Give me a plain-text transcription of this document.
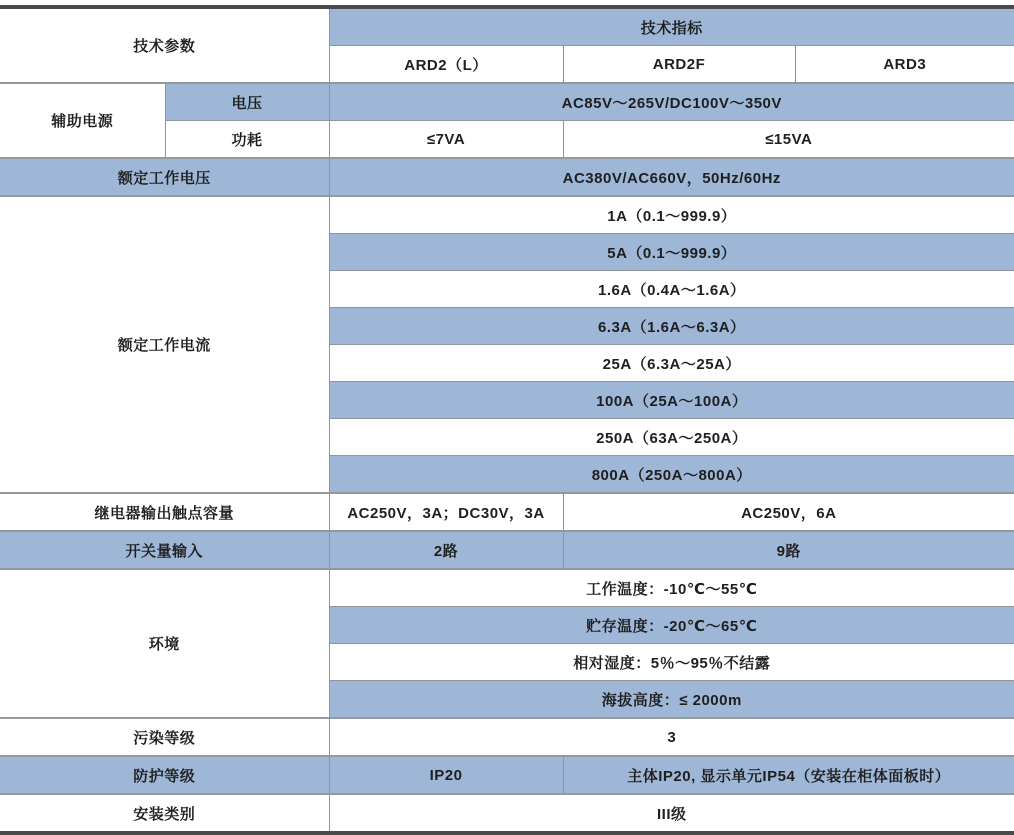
技术参数		技术指标		
		ARD2（L）	ARD2F	ARD3
辅助电源	电压	AC85V～265V/DC100V～350V		
	功耗	≤7VA	≤15VA	
额定工作电压		AC380V/AC660V，50Hz/60Hz		
额定工作电流		1A（0.1～999.9）		
		5A（0.1～999.9）		
		1.6A（0.4A～1.6A）		
		6.3A（1.6A～6.3A）		
		25A（6.3A～25A）		
		100A（25A～100A）		
		250A（63A～250A）		
		800A（250A～800A）		
继电器输出触点容量		AC250V，3A；DC30V，3A	AC250V，6A	
开关量输入		2路	9路	
环境		工作温度：-10℃～55℃		
		贮存温度：-20℃～65℃		
		相对湿度：5％～95％不结露		
		海拔高度：≤ 2000m		
污染等级		3		
防护等级		IP20	主体IP20, 显示单元IP54（安装在柜体面板时）	
安装类别		III级		
